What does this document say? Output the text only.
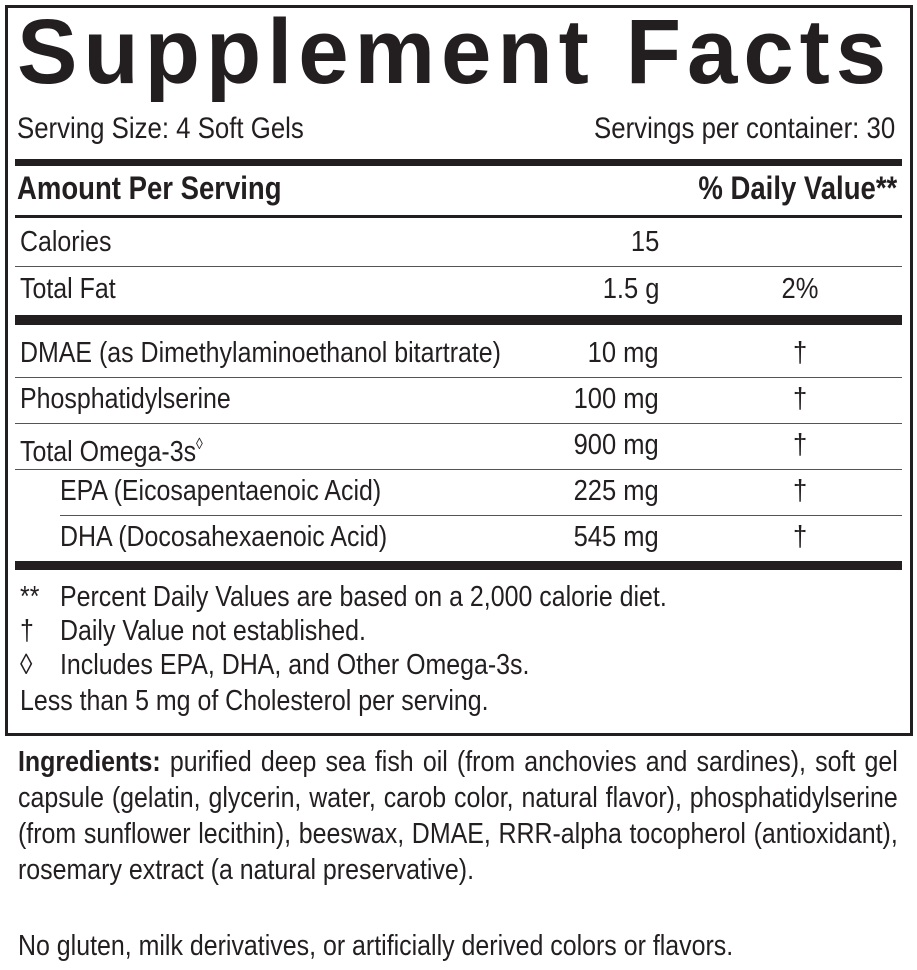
Supplement Facts
Serving Size: 4 Soft Gels	Servings per container: 30
Amount Per Serving	% Daily Value**
Calories	15
Total Fat	1.5 g	2%
DMAE (as Dimethylaminoethanol bitartrate)	10 mg	†
Phosphatidylserine	100 mg	†
Total Omega-3s◊	900 mg	†
EPA (Eicosapentaenoic Acid)	225 mg	†
DHA (Docosahexaenoic Acid)	545 mg	†
** Percent Daily Values are based on a 2,000 calorie diet.
† Daily Value not established.
◊ Includes EPA, DHA, and Other Omega-3s.
Less than 5 mg of Cholesterol per serving.
Ingredients: purified deep sea fish oil (from anchovies and sardines), soft gel capsule (gelatin, glycerin, water, carob color, natural flavor), phosphatidylserine (from sunflower lecithin), beeswax, DMAE, RRR-alpha tocopherol (antioxidant), rosemary extract (a natural preservative).
No gluten, milk derivatives, or artificially derived colors or flavors.
